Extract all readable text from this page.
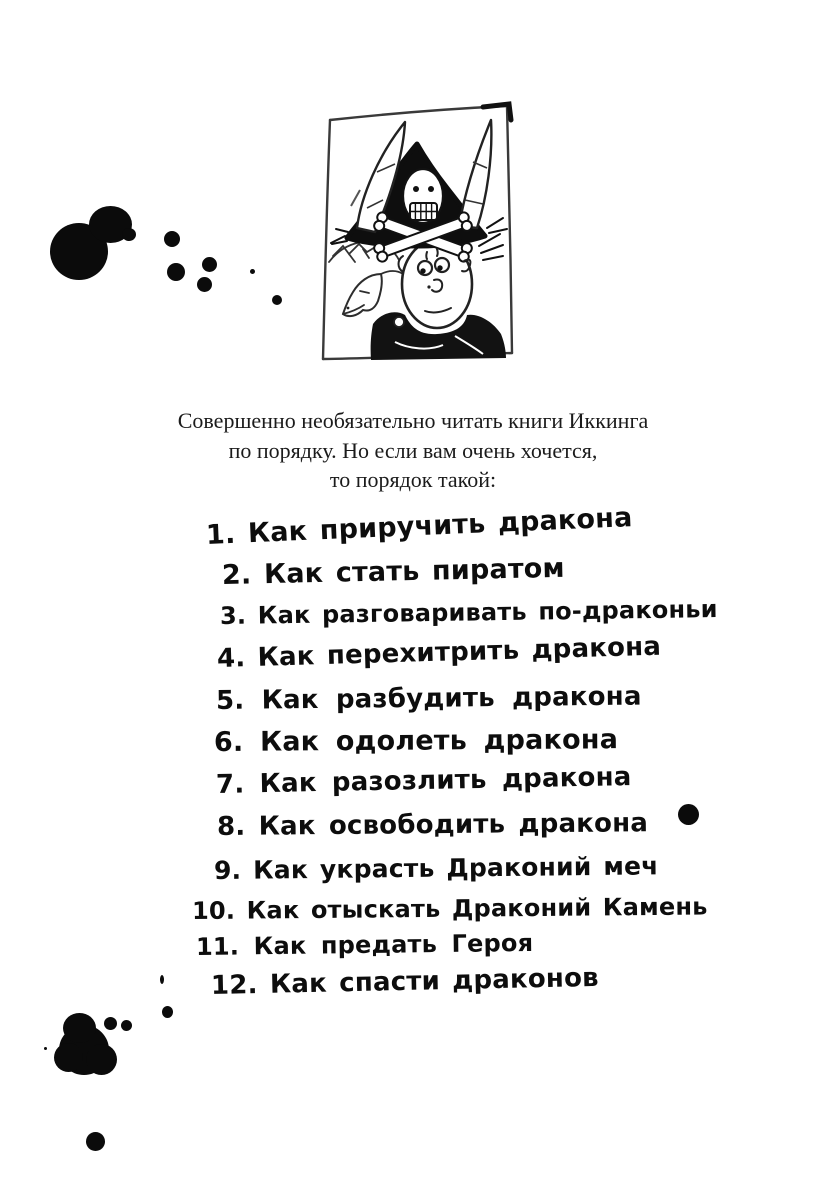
Совершенно необязательно читать книги Иккинга
по порядку. Но если вам очень хочется,
то порядок такой:
1. Как приручить дракона
2. Как стать пиратом
3. Как разговаривать по-драконьи
4. Как перехитрить дракона
5. Как разбудить дракона
6. Как одолеть дракона
7. Как разозлить дракона
8. Как освободить дракона
9. Как украсть Драконий меч
10. Как отыскать Драконий Камень
11. Как предать Героя
12. Как спасти драконов
